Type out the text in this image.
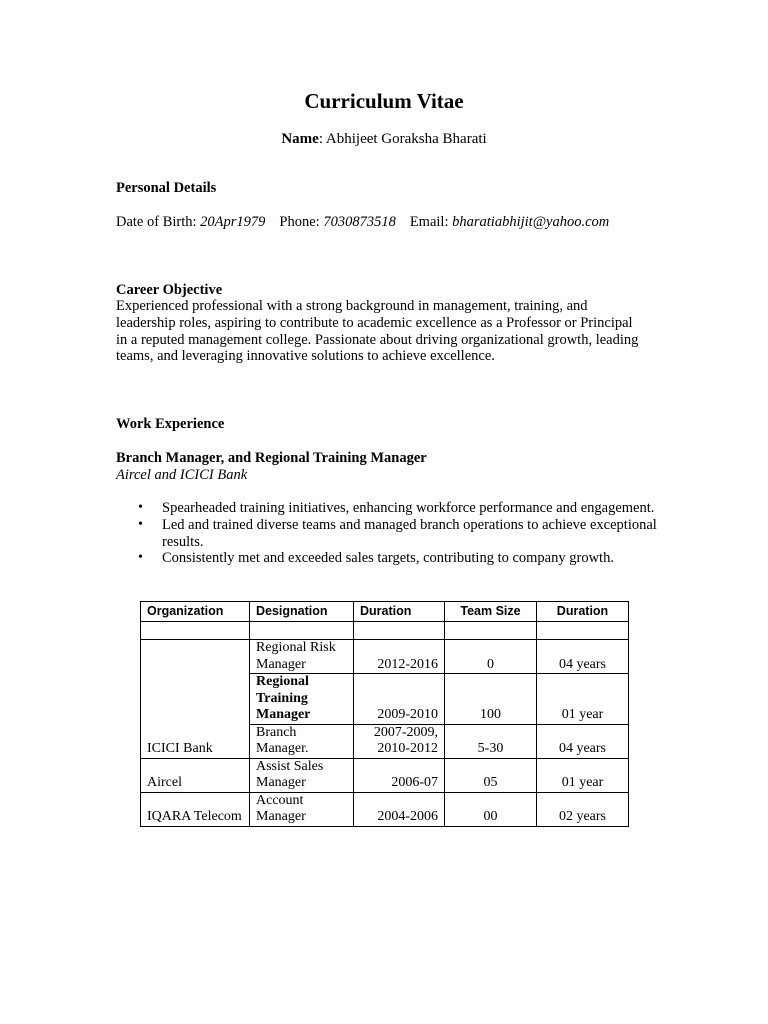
Curriculum Vitae
Name: Abhijeet Goraksha Bharati
Personal Details
Date of Birth: 20Apr1979 Phone: 7030873518 Email: bharatiabhijit@yahoo.com
Career Objective
Experienced professional with a strong background in management, training, and leadership roles, aspiring to contribute to academic excellence as a Professor or Principal in a reputed management college. Passionate about driving organizational growth, leading teams, and leveraging innovative solutions to achieve excellence.
Work Experience
Branch Manager, and Regional Training Manager
Aircel and ICICI Bank
• Spearheaded training initiatives, enhancing workforce performance and engagement.
• Led and trained diverse teams and managed branch operations to achieve exceptional results.
• Consistently met and exceeded sales targets, contributing to company growth.
Organization	Designation	Duration	Team Size	Duration

ICICI Bank	Regional Risk Manager	2012-2016	0	04 years
	Regional Training Manager	2009-2010	100	01 year
	Branch Manager.	2007-2009, 2010-2012	5-30	04 years
Aircel	Assist Sales Manager	2006-07	05	01 year
IQARA Telecom	Account Manager	2004-2006	00	02 years
